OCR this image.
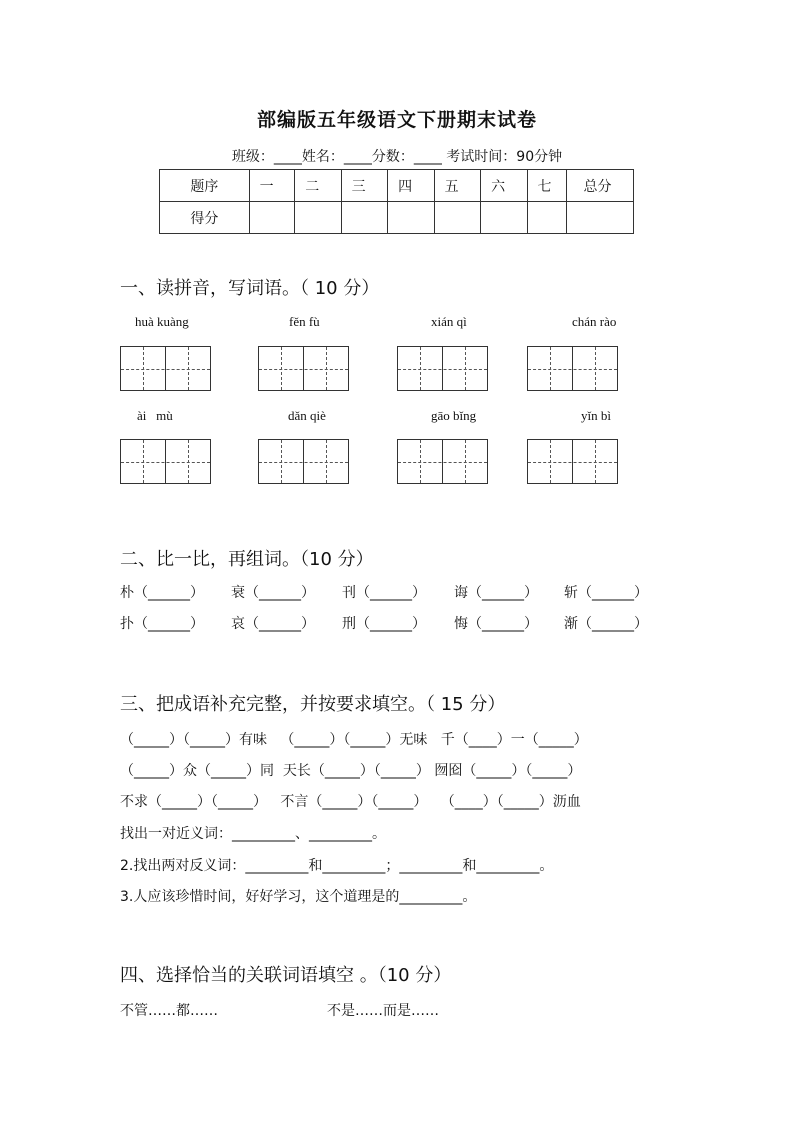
部编版五年级语文下册期末试卷
班级：____姓名：____分数：____ 考试时间：90分钟
题序	一	二	三	四	五	六	七	总分
得分								
一、读拼音，写词语。（ 10 分）
huà kuàng	fěn fù	xián qì	chán rào
ài   mù	dǎn qiè	gāo bǐng	yǐn bì
二、比一比，再组词。（10 分）
朴（______） 衰（______） 刊（______） 诲（______） 斩（______）
扑（______） 哀（______） 刑（______） 悔（______） 渐（______）
三、把成语补充完整，并按要求填空。（ 15 分）
（_____）（_____）有味   （_____）（_____）无味   千（____）一（_____）
（_____）众（_____）同  天长（_____）（_____） 囫囵（_____）（_____）
不求（_____）（_____）   不言（_____）（_____）   （____）（_____）沥血
找出一对近义词：_________、_________。
2.找出两对反义词：_________和_________；_________和_________。
3.人应该珍惜时间，好好学习，这个道理是的_________。
四、选择恰当的关联词语填空 。（10 分）
不管……都……	不是……而是……
